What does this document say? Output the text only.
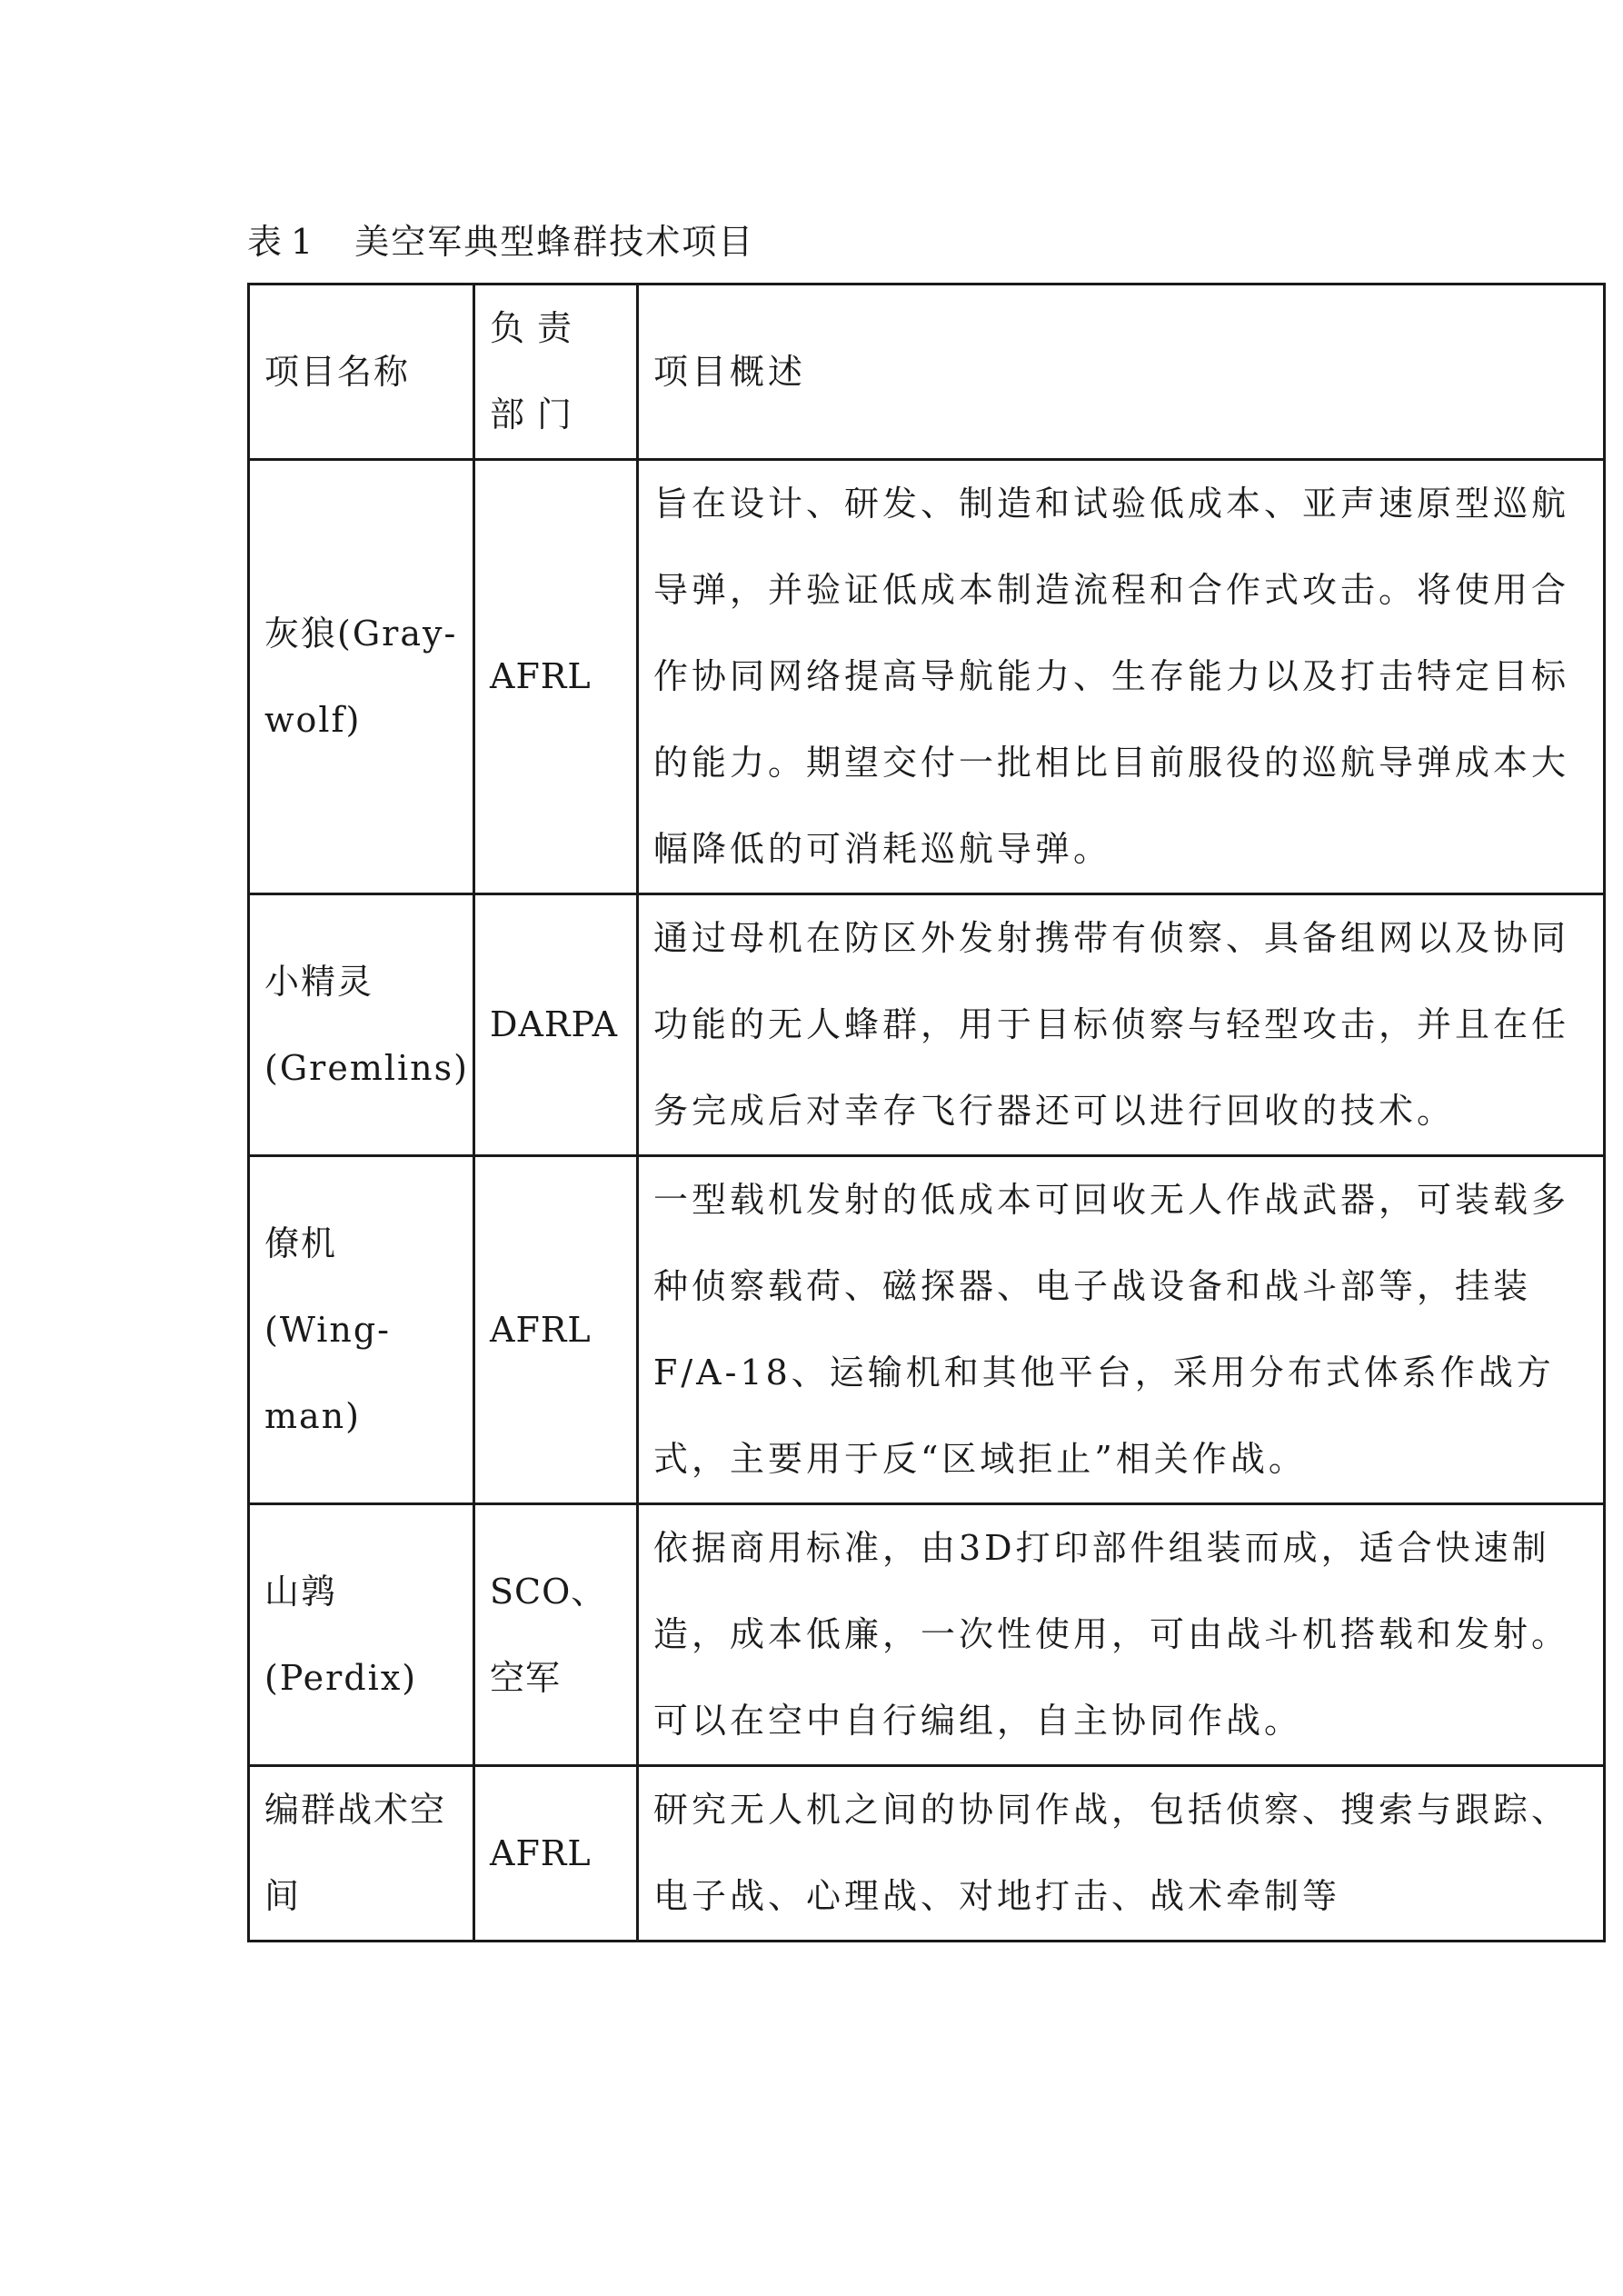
表 1 美空军典型蜂群技术项目
项目名称	负责部门	项目概述
灰狼(Gray-wolf)	AFRL	旨在设计、研发、制造和试验低成本、亚声速原型巡航导弹，并验证低成本制造流程和合作式攻击。将使用合作协同网络提高导航能力、生存能力以及打击特定目标的能力。期望交付一批相比目前服役的巡航导弹成本大幅降低的可消耗巡航导弹。
小精灵(Gremlins)	DARPA	通过母机在防区外发射携带有侦察、具备组网以及协同功能的无人蜂群，用于目标侦察与轻型攻击，并且在任务完成后对幸存飞行器还可以进行回收的技术。
僚机(Wing-man)	AFRL	一型载机发射的低成本可回收无人作战武器，可装载多种侦察载荷、磁探器、电子战设备和战斗部等，挂装F/A-18、运输机和其他平台，采用分布式体系作战方式，主要用于反“区域拒止”相关作战。
山鹑(Perdix)	SCO、空军	依据商用标准，由3D打印部件组装而成，适合快速制造，成本低廉，一次性使用，可由战斗机搭载和发射。可以在空中自行编组，自主协同作战。
编群战术空间	AFRL	研究无人机之间的协同作战，包括侦察、搜索与跟踪、电子战、心理战、对地打击、战术牵制等
